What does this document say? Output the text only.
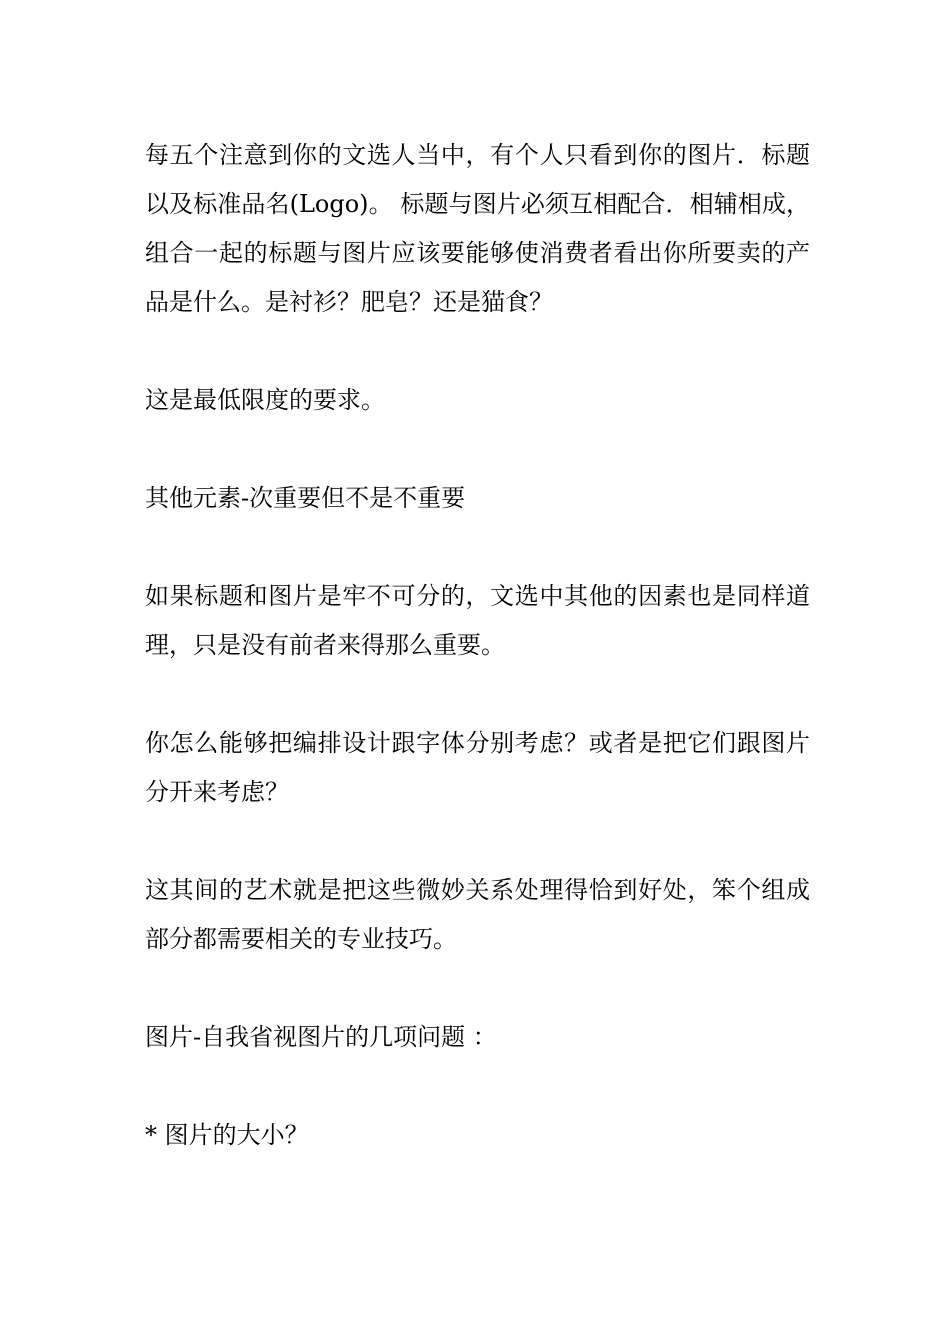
每五个注意到你的文选人当中，有个人只看到你的图片．标题以及标准品名(Logo)。 标题与图片必须互相配合．相辅相成，组合一起的标题与图片应该要能够使消费者看出你所要卖的产品是什么。是衬衫？肥皂？还是猫食？

这是最低限度的要求。

其他元素-次重要但不是不重要

如果标题和图片是牢不可分的，文选中其他的因素也是同样道理，只是没有前者来得那么重要。

你怎么能够把编排设计跟字体分别考虑？或者是把它们跟图片分开来考虑？

这其间的艺术就是把这些微妙关系处理得恰到好处，笨个组成部分都需要相关的专业技巧。

图片-自我省视图片的几项问题 ：

* 图片的大小？
